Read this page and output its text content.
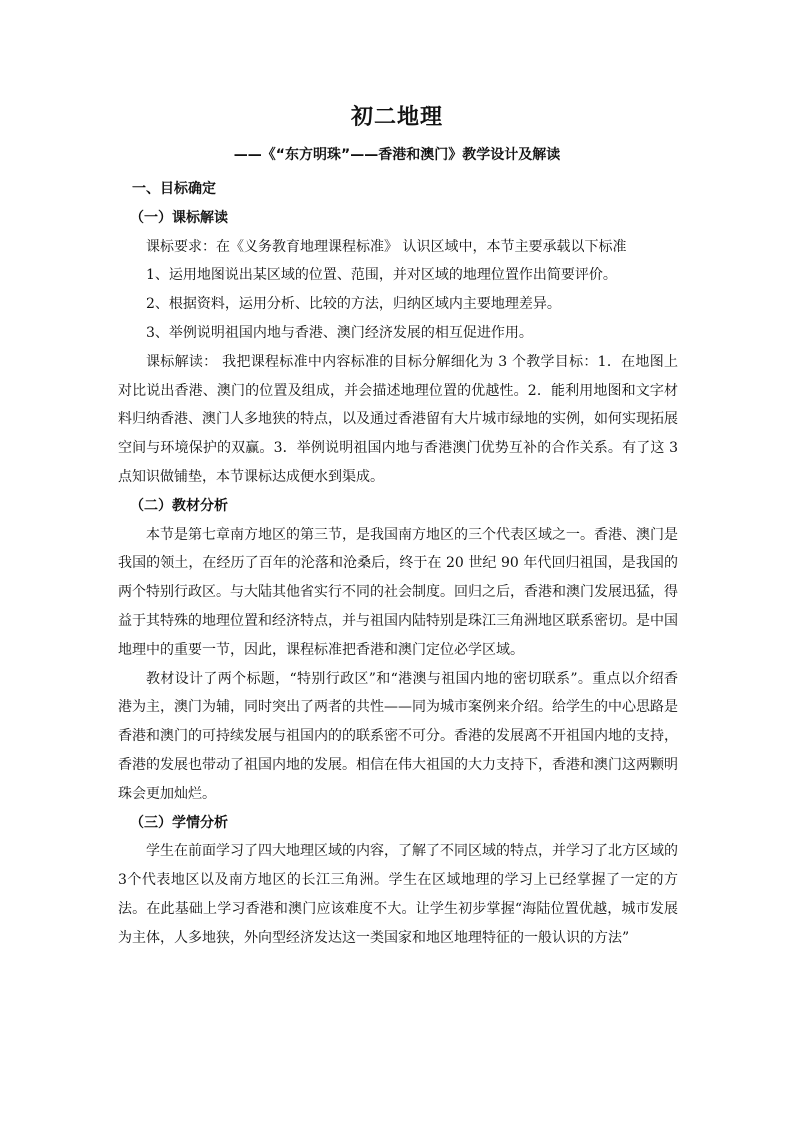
初二地理
——《“东方明珠”——香港和澳门》教学设计及解读
一、目标确定
（一）课标解读

课标要求：在《义务教育地理课程标准》 认识区域中，本节主要承载以下标准

1、运用地图说出某区域的位置、范围，并对区域的地理位置作出简要评价。

2、根据资料，运用分析、比较的方法，归纳区域内主要地理差异。

3、举例说明祖国内地与香港、澳门经济发展的相互促进作用。

课标解读： 我把课程标准中内容标准的目标分解细化为 3 个教学目标：1．在地图上对比说出香港、澳门的位置及组成，并会描述地理位置的优越性。2．能利用地图和文字材料归纳香港、澳门人多地狭的特点，以及通过香港留有大片城市绿地的实例，如何实现拓展空间与环境保护的双赢。3．举例说明祖国内地与香港澳门优势互补的合作关系。有了这 3 点知识做铺垫，本节课标达成便水到渠成。

（二）教材分析

本节是第七章南方地区的第三节，是我国南方地区的三个代表区域之一。香港、澳门是我国的领土，在经历了百年的沦落和沧桑后，终于在 20 世纪 90 年代回归祖国，是我国的两个特别行政区。与大陆其他省实行不同的社会制度。回归之后，香港和澳门发展迅猛，得益于其特殊的地理位置和经济特点，并与祖国内陆特别是珠江三角洲地区联系密切。是中国地理中的重要一节，因此，课程标准把香港和澳门定位必学区域。

教材设计了两个标题，“特别行政区”和“港澳与祖国内地的密切联系”。重点以介绍香港为主，澳门为辅，同时突出了两者的共性——同为城市案例来介绍。给学生的中心思路是香港和澳门的可持续发展与祖国内的的联系密不可分。香港的发展离不开祖国内地的支持，香港的发展也带动了祖国内地的发展。相信在伟大祖国的大力支持下，香港和澳门这两颗明珠会更加灿烂。

（三）学情分析

学生在前面学习了四大地理区域的内容，了解了不同区域的特点，并学习了北方区域的3个代表地区以及南方地区的长江三角洲。学生在区域地理的学习上已经掌握了一定的方法。在此基础上学习香港和澳门应该难度不大。让学生初步掌握“海陆位置优越，城市发展为主体，人多地狭，外向型经济发达这一类国家和地区地理特征的一般认识的方法”
